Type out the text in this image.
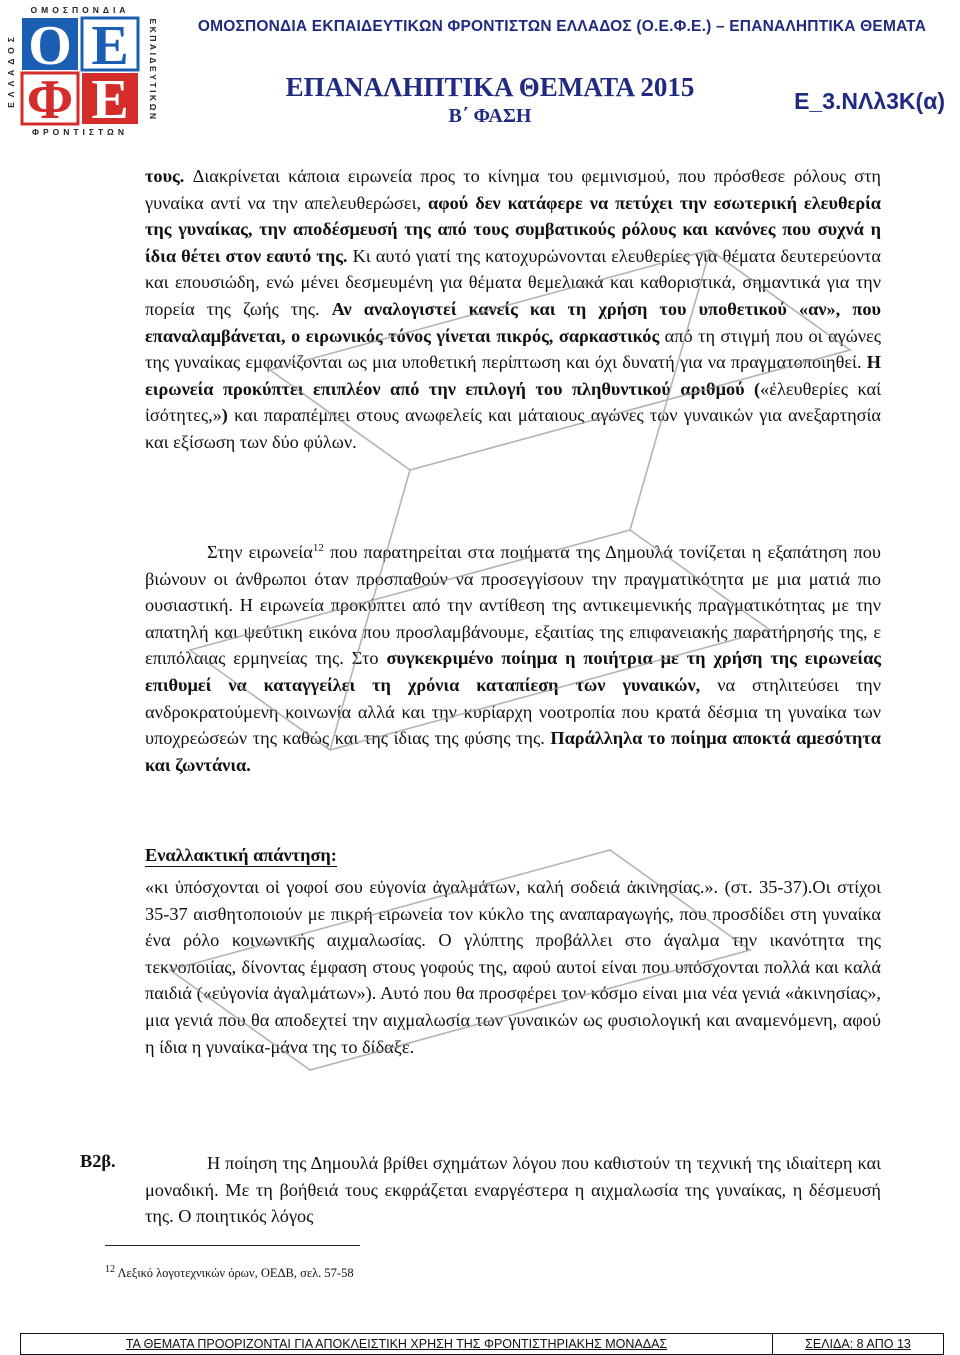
ΟΜΟΣΠΟΝΔΙΑ
ΦΡΟΝΤΙΣΤΩΝ
ΕΛΛΑΔΟΣ	ΕΚΠΑΙΔΕΥΤΙΚΩΝ
Ο Ε
Φ Ε
ΟΜΟΣΠΟΝΔΙΑ ΕΚΠΑΙΔΕΥΤΙΚΩΝ ΦΡΟΝΤΙΣΤΩΝ ΕΛΛΑΔΟΣ (Ο.Ε.Φ.Ε.) – ΕΠΑΝΑΛΗΠΤΙΚΑ ΘΕΜΑΤΑ
ΕΠΑΝΑΛΗΠΤΙΚΑ ΘΕΜΑΤΑ 2015
Β΄ ΦΑΣΗ
Ε_3.ΝΛλ3Κ(α)

τους. Διακρίνεται κάποια ειρωνεία προς το κίνημα του φεμινισμού, που πρόσθεσε ρόλους στη γυναίκα αντί να την απελευθερώσει, αφού δεν κατάφερε να πετύχει την εσωτερική ελευθερία της γυναίκας, την αποδέσμευσή της από τους συμβατικούς ρόλους και κανόνες που συχνά η ίδια θέτει στον εαυτό της. Κι αυτό γιατί της κατοχυρώνονται ελευθερίες για θέματα δευτερεύοντα και επουσιώδη, ενώ μένει δεσμευμένη για θέματα θεμελιακά και καθοριστικά, σημαντικά για την πορεία της ζωής της. Αν αναλογιστεί κανείς και τη χρήση του υποθετικού «αν», που επαναλαμβάνεται, ο ειρωνικός τόνος γίνεται πικρός, σαρκαστικός από τη στιγμή που οι αγώνες της γυναίκας εμφανίζονται ως μια υποθετική περίπτωση και όχι δυνατή για να πραγματοποιηθεί. Η ειρωνεία προκύπτει επιπλέον από την επιλογή του πληθυντικού αριθμού («ἐλευθερίες καί ἰσότητες,») και παραπέμπει στους ανωφελείς και μάταιους αγώνες των γυναικών για ανεξαρτησία και εξίσωση των δύο φύλων.

Στην ειρωνεία$^{12}$ που παρατηρείται στα ποιήματα της Δημουλά τονίζεται η εξαπάτηση που βιώνουν οι άνθρωποι όταν προσπαθούν να προσεγγίσουν την πραγματικότητα με μια ματιά πιο ουσιαστική. Η ειρωνεία προκύπτει από την αντίθεση της αντικειμενικής πραγματικότητας με την απατηλή και ψεύτικη εικόνα που προσλαμβάνουμε, εξαιτίας της επιφανειακής παρατήρησής της, ε επιπόλαιας ερμηνείας της. Στο συγκεκριμένο ποίημα η ποιήτρια με τη χρήση της ειρωνείας επιθυμεί να καταγγείλει τη χρόνια καταπίεση των γυναικών, να στηλιτεύσει την ανδροκρατούμενη κοινωνία αλλά και την κυρίαρχη νοοτροπία που κρατά δέσμια τη γυναίκα των υποχρεώσεών της καθώς και της ίδιας της φύσης της. Παράλληλα το ποίημα αποκτά αμεσότητα και ζωντάνια.

Εναλλακτική απάντηση:

«κι ὑπόσχονται οἱ γοφοί σου εὐγονία ἀγαλμάτων, καλή σοδειά ἀκινησίας.». (στ. 35-37).Οι στίχοι 35-37 αισθητοποιούν με πικρή ειρωνεία τον κύκλο της αναπαραγωγής, που προσδίδει στη γυναίκα ένα ρόλο κοινωνικής αιχμαλωσίας. Ο γλύπτης προβάλλει στο άγαλμα την ικανότητα της τεκνοποιίας, δίνοντας έμφαση στους γοφούς της, αφού αυτοί είναι που υπόσχονται πολλά και καλά παιδιά («εὐγονία ἀγαλμάτων»). Αυτό που θα προσφέρει τον κόσμο είναι μια νέα γενιά «ἀκινησίας», μια γενιά που θα αποδεχτεί την αιχμαλωσία των γυναικών ως φυσιολογική και αναμενόμενη, αφού η ίδια η γυναίκα-μάνα της το δίδαξε.

Β2β.	Η ποίηση της Δημουλά βρίθει σχημάτων λόγου που καθιστούν τη τεχνική της ιδιαίτερη και μοναδική. Με τη βοήθειά τους εκφράζεται εναργέστερα η αιχμαλωσία της γυναίκας, η δέσμευσή της. Ο ποιητικός λόγος

$^{12}$ Λεξικό λογοτεχνικών όρων, ΟΕΔΒ, σελ. 57-58
ΤΑ ΘΕΜΑΤΑ ΠΡΟΟΡΙΖΟΝΤΑΙ ΓΙΑ ΑΠΟΚΛΕΙΣΤΙΚΗ ΧΡΗΣΗ ΤΗΣ ΦΡΟΝΤΙΣΤΗΡΙΑΚΗΣ ΜΟΝΑΔΑΣ	ΣΕΛΙΔΑ: 8 ΑΠΟ 13
